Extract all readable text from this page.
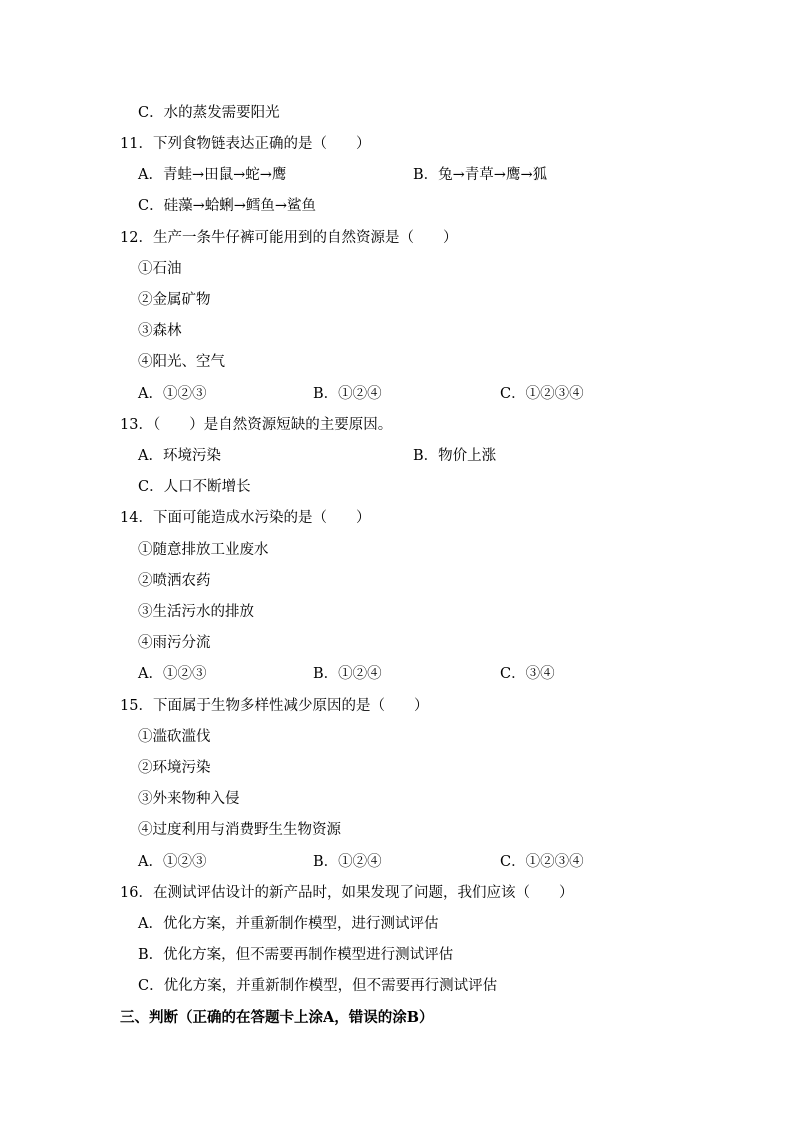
C．水的蒸发需要阳光
11．下列食物链表达正确的是（　　）
A．青蛙→田鼠→蛇→鹰	B．兔→青草→鹰→狐
C．硅藻→蛤蜊→鳕鱼→鲨鱼
12．生产一条牛仔裤可能用到的自然资源是（　　）
①石油
②金属矿物
③森林
④阳光、空气
A．①②③	B．①②④	C．①②③④
13．（　　）是自然资源短缺的主要原因。
A．环境污染	B．物价上涨
C．人口不断增长
14．下面可能造成水污染的是（　　）
①随意排放工业废水
②喷洒农药
③生活污水的排放
④雨污分流
A．①②③	B．①②④	C．③④
15．下面属于生物多样性减少原因的是（　　）
①滥砍滥伐
②环境污染
③外来物种入侵
④过度利用与消费野生生物资源
A．①②③	B．①②④	C．①②③④
16．在测试评估设计的新产品时，如果发现了问题，我们应该（　　）
A．优化方案，并重新制作模型，进行测试评估
B．优化方案，但不需要再制作模型进行测试评估
C．优化方案，并重新制作模型，但不需要再行测试评估
三、判断（正确的在答题卡上涂A，错误的涂B）
